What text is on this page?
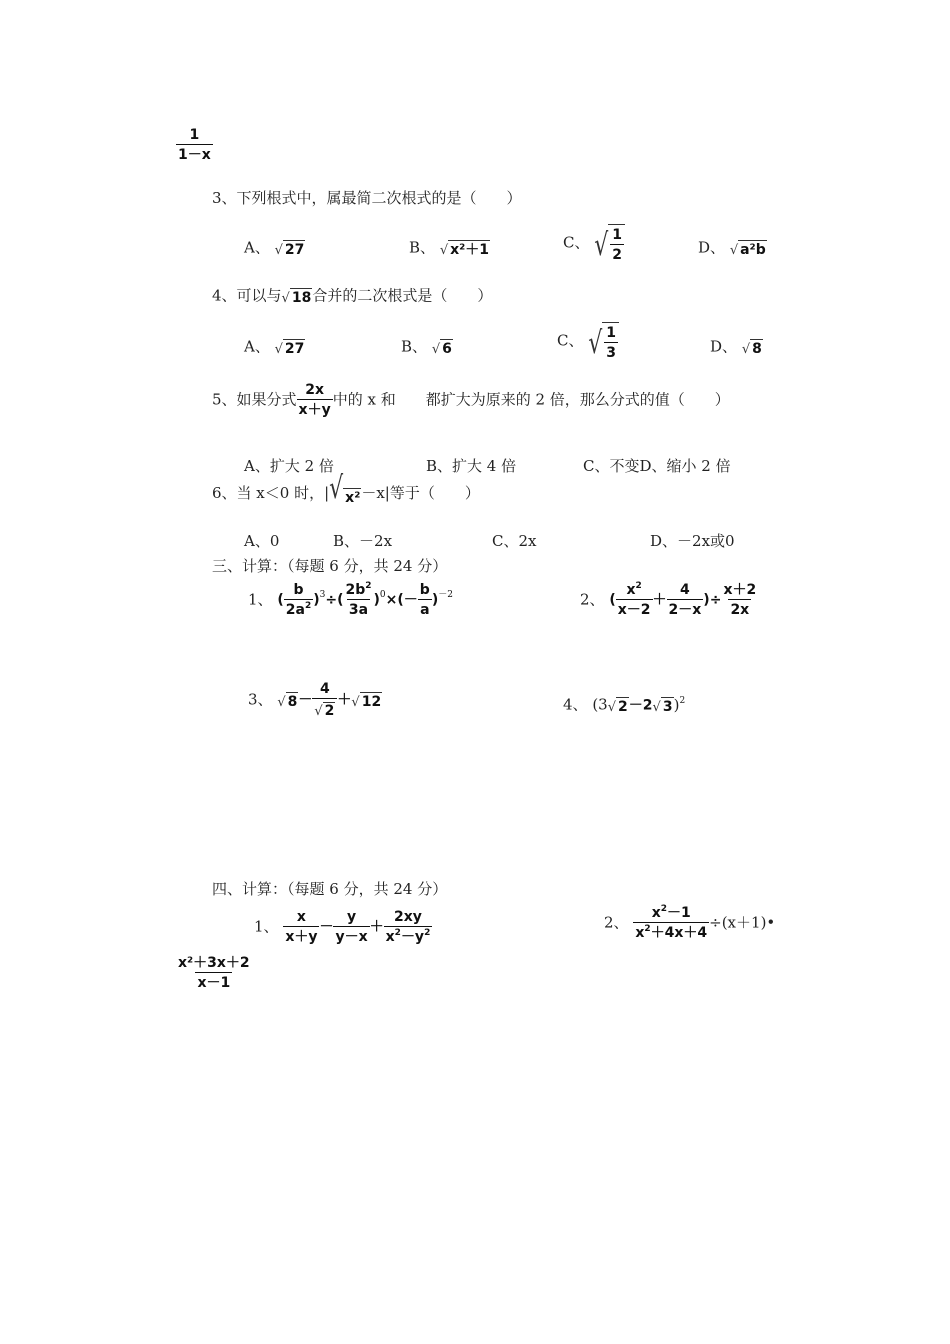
$\frac{1}{1-x}$
3、下列根式中，属最简二次根式的是（　　）
A、 √ 27	B、 √ x²＋1	C、 √ $\frac{1}{2}$	D、 √ a²b
4、可以与 √ 18 合并的二次根式是（　　）
A、 √ 27	B、 √ 6	C、 √ $\frac{1}{3}$	D、 √ 8
5、如果分式 $\frac{2x}{x+y}$ 中的 x 和　　都扩大为原来的 2 倍，那么分式的值（　　）
A、扩大 2 倍	B、扩大 4 倍	C、不变D、缩小 2 倍
6、当 x＜0 时，| √ x² －x|等于（　　）
A、0	B、－2x	C、2x	D、－2x或0
三、计算：（每题 6 分，共 24 分）
1、 ( $\frac{b}{2a^2} )^3\div( \frac{2b^2}{3a} )^0\times(- \frac{b}{a} )^{-2}$	2、 ( $\frac{x^2}{x-2} + \frac{4}{2-x}$ )÷ $\frac{x+2}{2x}$
3、 √ $8 - \frac{4}{√ 2}$ ＋ √ 12	4、 (3 √ 2 －2 √ 3 )$^2$
四、计算：（每题 6 分，共 24 分）
1、 $\frac{x}{x+y} - \frac{y}{y-x} + \frac{2xy}{x^2-y^2}$	2、 $\frac{x^2-1}{x^2+4x+4}$ ÷(x＋1)•
$\frac{\text{x²＋3x＋2}}{x-1}$
